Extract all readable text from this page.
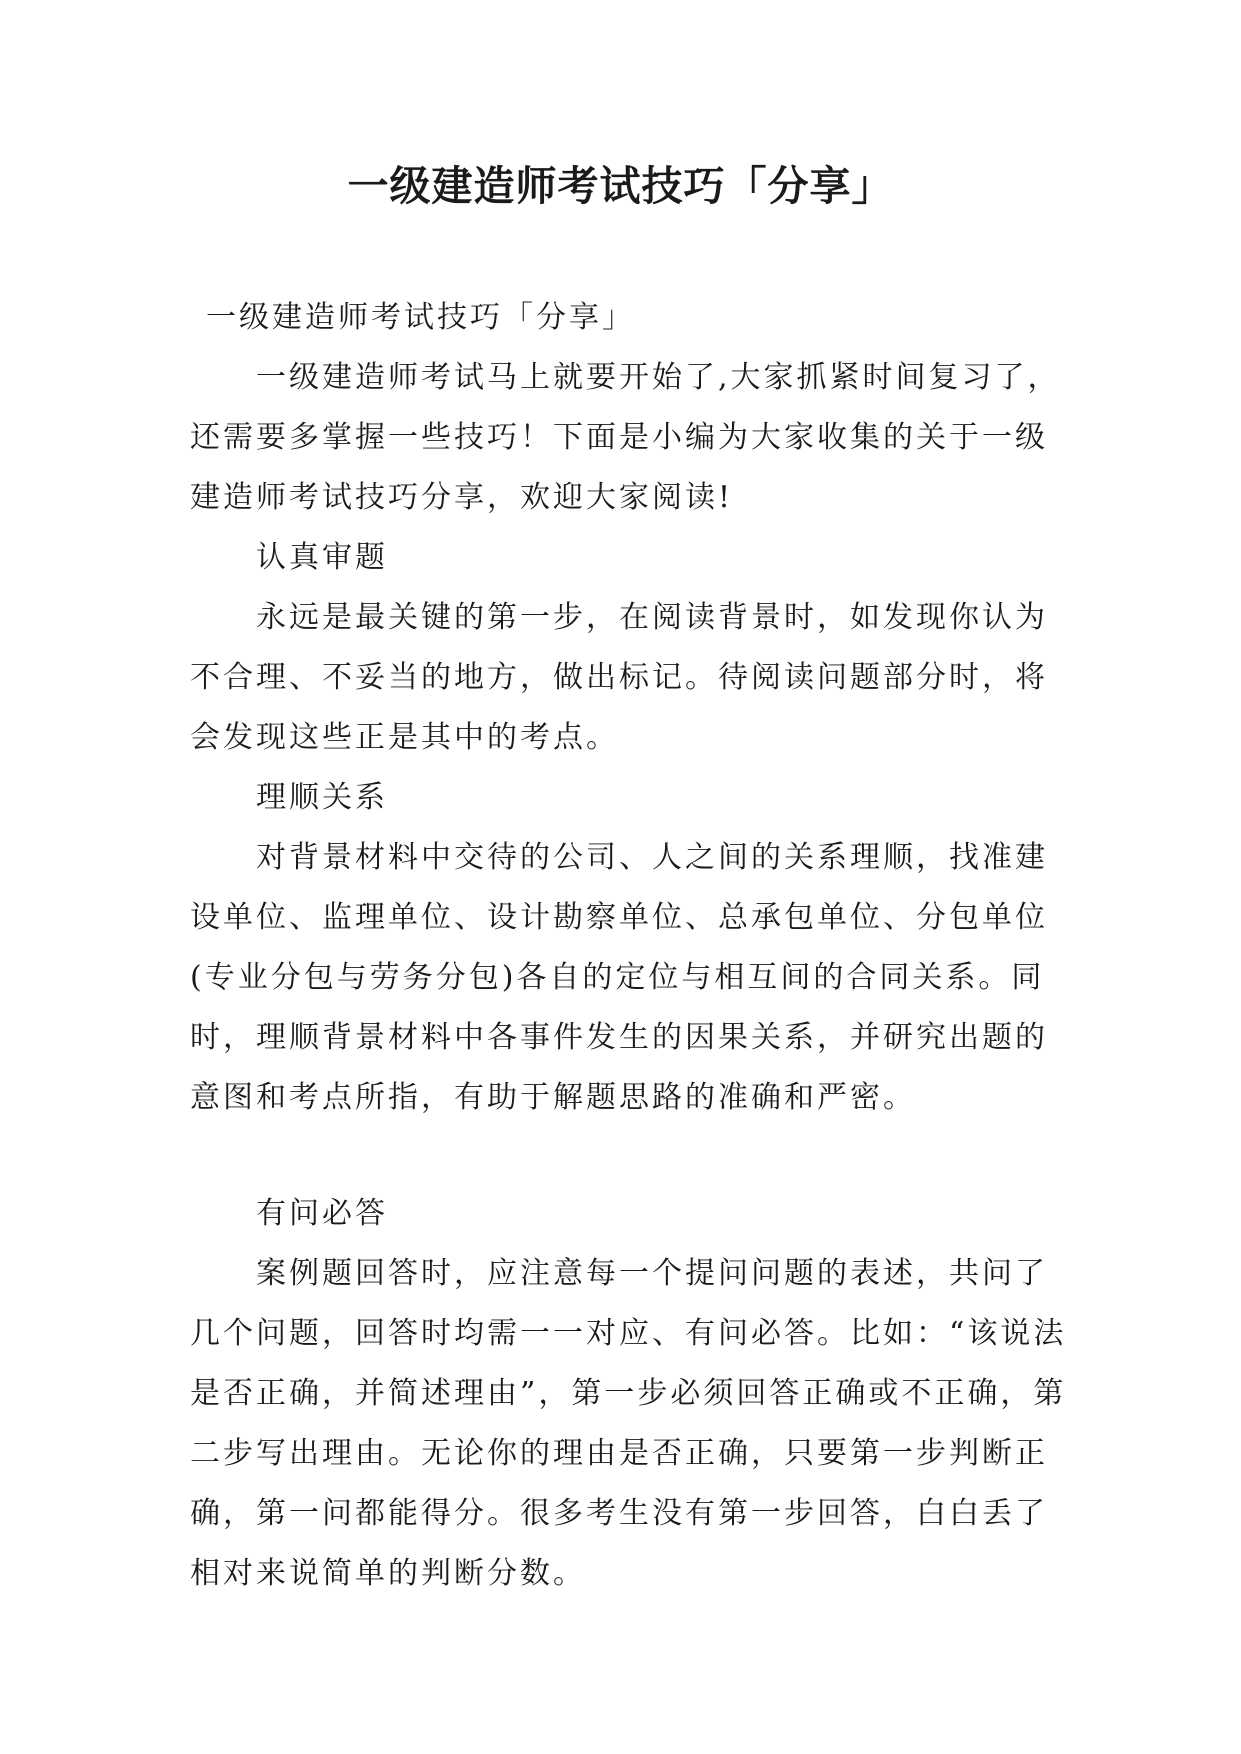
一级建造师考试技巧「分享」

一级建造师考试技巧「分享」

一级建造师考试马上就要开始了,大家抓紧时间复习了，还需要多掌握一些技巧！下面是小编为大家收集的关于一级建造师考试技巧分享，欢迎大家阅读!

认真审题

永远是最关键的第一步，在阅读背景时，如发现你认为不合理、不妥当的地方，做出标记。待阅读问题部分时，将会发现这些正是其中的考点。

理顺关系

对背景材料中交待的公司、人之间的关系理顺，找准建设单位、监理单位、设计勘察单位、总承包单位、分包单位(专业分包与劳务分包)各自的定位与相互间的合同关系。同时，理顺背景材料中各事件发生的因果关系，并研究出题的意图和考点所指，有助于解题思路的准确和严密。

有问必答

案例题回答时，应注意每一个提问问题的表述，共问了几个问题，回答时均需一一对应、有问必答。比如：“该说法是否正确，并简述理由”，第一步必须回答正确或不正确，第二步写出理由。无论你的理由是否正确，只要第一步判断正确，第一问都能得分。很多考生没有第一步回答，白白丢了相对来说简单的判断分数。
